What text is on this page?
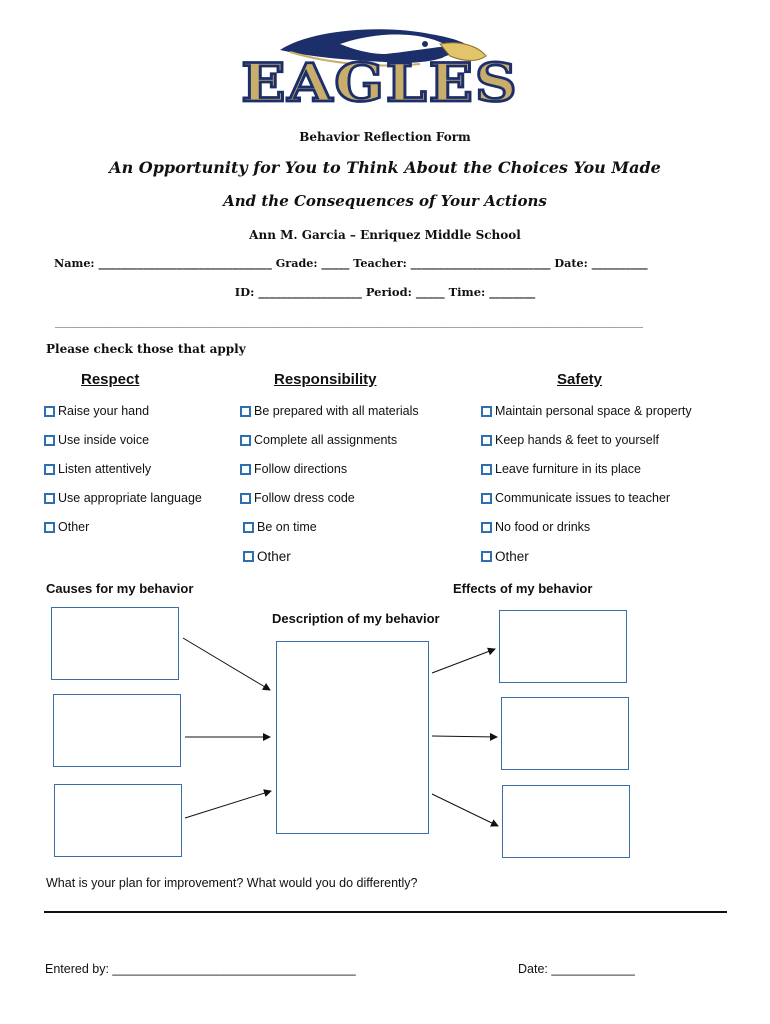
EAGLES
Behavior Reflection Form
An Opportunity for You to Think About the Choices You Made
And the Consequences of Your Actions
Ann M. Garcia – Enriquez Middle School
Name: _______________________________ Grade: _____ Teacher: _________________________ Date: __________
ID: __________________ Period: _____ Time: ________
________________________________________________________________________________________________________________
Please check those that apply
Respect	Responsibility	Safety
Raise your hand
Use inside voice
Listen attentively
Use appropriate language
Other
Be prepared with all materials
Complete all assignments
Follow directions
Follow dress code
Be on time
Other
Maintain personal space & property
Keep hands & feet to yourself
Leave furniture in its place
Communicate issues to teacher
No food or drinks
Other
Causes for my behavior	Effects of my behavior
Description of my behavior
What is your plan for improvement? What would you do differently?
Entered by: ___________________________________	Date: ____________
